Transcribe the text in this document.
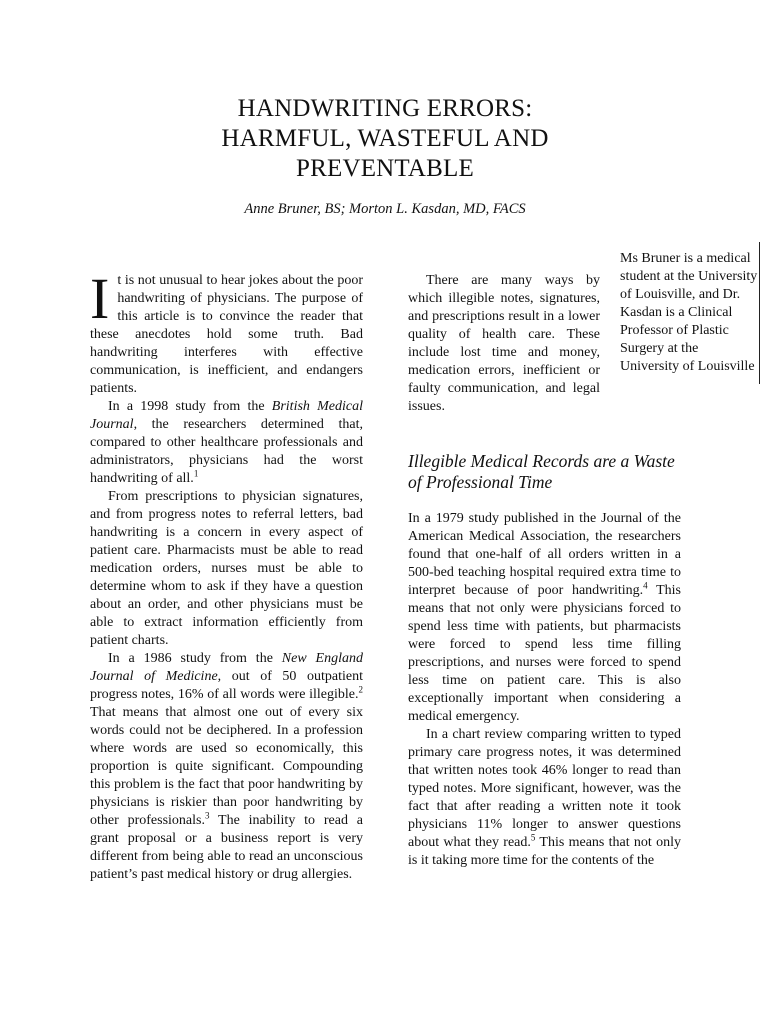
HANDWRITING ERRORS:
HARMFUL, WASTEFUL AND
PREVENTABLE
Anne Bruner, BS; Morton L. Kasdan, MD, FACS
Ms Bruner is a medical student at the University of Louisville, and Dr. Kasdan is a Clinical Professor of Plastic Surgery at the University of Louisville

It is not unusual to hear jokes about the poor handwriting of physicians. The purpose of this article is to convince the reader that these anecdotes hold some truth. Bad handwriting interferes with effective communication, is inefficient, and endangers patients.

In a 1998 study from the British Medical Journal, the researchers determined that, compared to other healthcare professionals and administrators, physicians had the worst handwriting of all.$^1$

From prescriptions to physician signatures, and from progress notes to referral letters, bad handwriting is a concern in every aspect of patient care. Pharmacists must be able to read medication orders, nurses must be able to determine whom to ask if they have a question about an order, and other physicians must be able to extract information efficiently from patient charts.

In a 1986 study from the New England Journal of Medicine, out of 50 outpatient progress notes, 16% of all words were illegible.$^2$ That means that almost one out of every six words could not be deciphered. In a profession where words are used so economically, this proportion is quite significant. Compounding this problem is the fact that poor handwriting by physicians is riskier than poor handwriting by other professionals.$^3$ The inability to read a grant proposal or a business report is very different from being able to read an unconscious patient’s past medical history or drug allergies.

There are many ways by which illegible notes, signatures, and prescriptions result in a lower quality of health care. These include lost time and money, medication errors, inefficient or faulty communication, and legal issues.

Illegible Medical Records are a Waste of Professional Time

In a 1979 study published in the Journal of the American Medical Association, the researchers found that one-half of all orders written in a 500-bed teaching hospital required extra time to interpret because of poor handwriting.$^4$ This means that not only were physicians forced to spend less time with patients, but pharmacists were forced to spend less time filling prescriptions, and nurses were forced to spend less time on patient care. This is also exceptionally important when considering a medical emergency.

In a chart review comparing written to typed primary care progress notes, it was determined that written notes took 46% longer to read than typed notes. More significant, however, was the fact that after reading a written note it took physicians 11% longer to answer questions about what they read.$^5$ This means that not only is it taking more time for the contents of the
